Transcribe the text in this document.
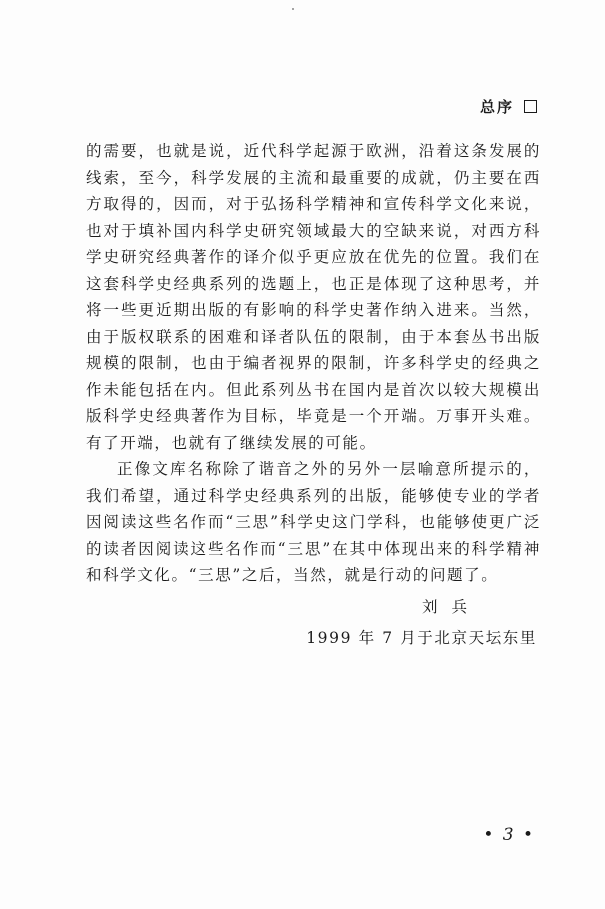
总序

的需要，也就是说，近代科学起源于欧洲，沿着这条发展的线索，至今，科学发展的主流和最重要的成就，仍主要在西方取得的，因而，对于弘扬科学精神和宣传科学文化来说，也对于填补国内科学史研究领域最大的空缺来说，对西方科学史研究经典著作的译介似乎更应放在优先的位置。我们在这套科学史经典系列的选题上，也正是体现了这种思考，并将一些更近期出版的有影响的科学史著作纳入进来。当然，由于版权联系的困难和译者队伍的限制，由于本套丛书出版规模的限制，也由于编者视界的限制，许多科学史的经典之作未能包括在内。但此系列丛书在国内是首次以较大规模出版科学史经典著作为目标，毕竟是一个开端。万事开头难。有了开端，也就有了继续发展的可能。

正像文库名称除了谐音之外的另外一层喻意所提示的，我们希望，通过科学史经典系列的出版，能够使专业的学者因阅读这些名作而“三思”科学史这门学科，也能够使更广泛的读者因阅读这些名作而“三思”在其中体现出来的科学精神和科学文化。“三思”之后，当然，就是行动的问题了。

刘兵
1999 年 7 月于北京天坛东里
• 3 •
